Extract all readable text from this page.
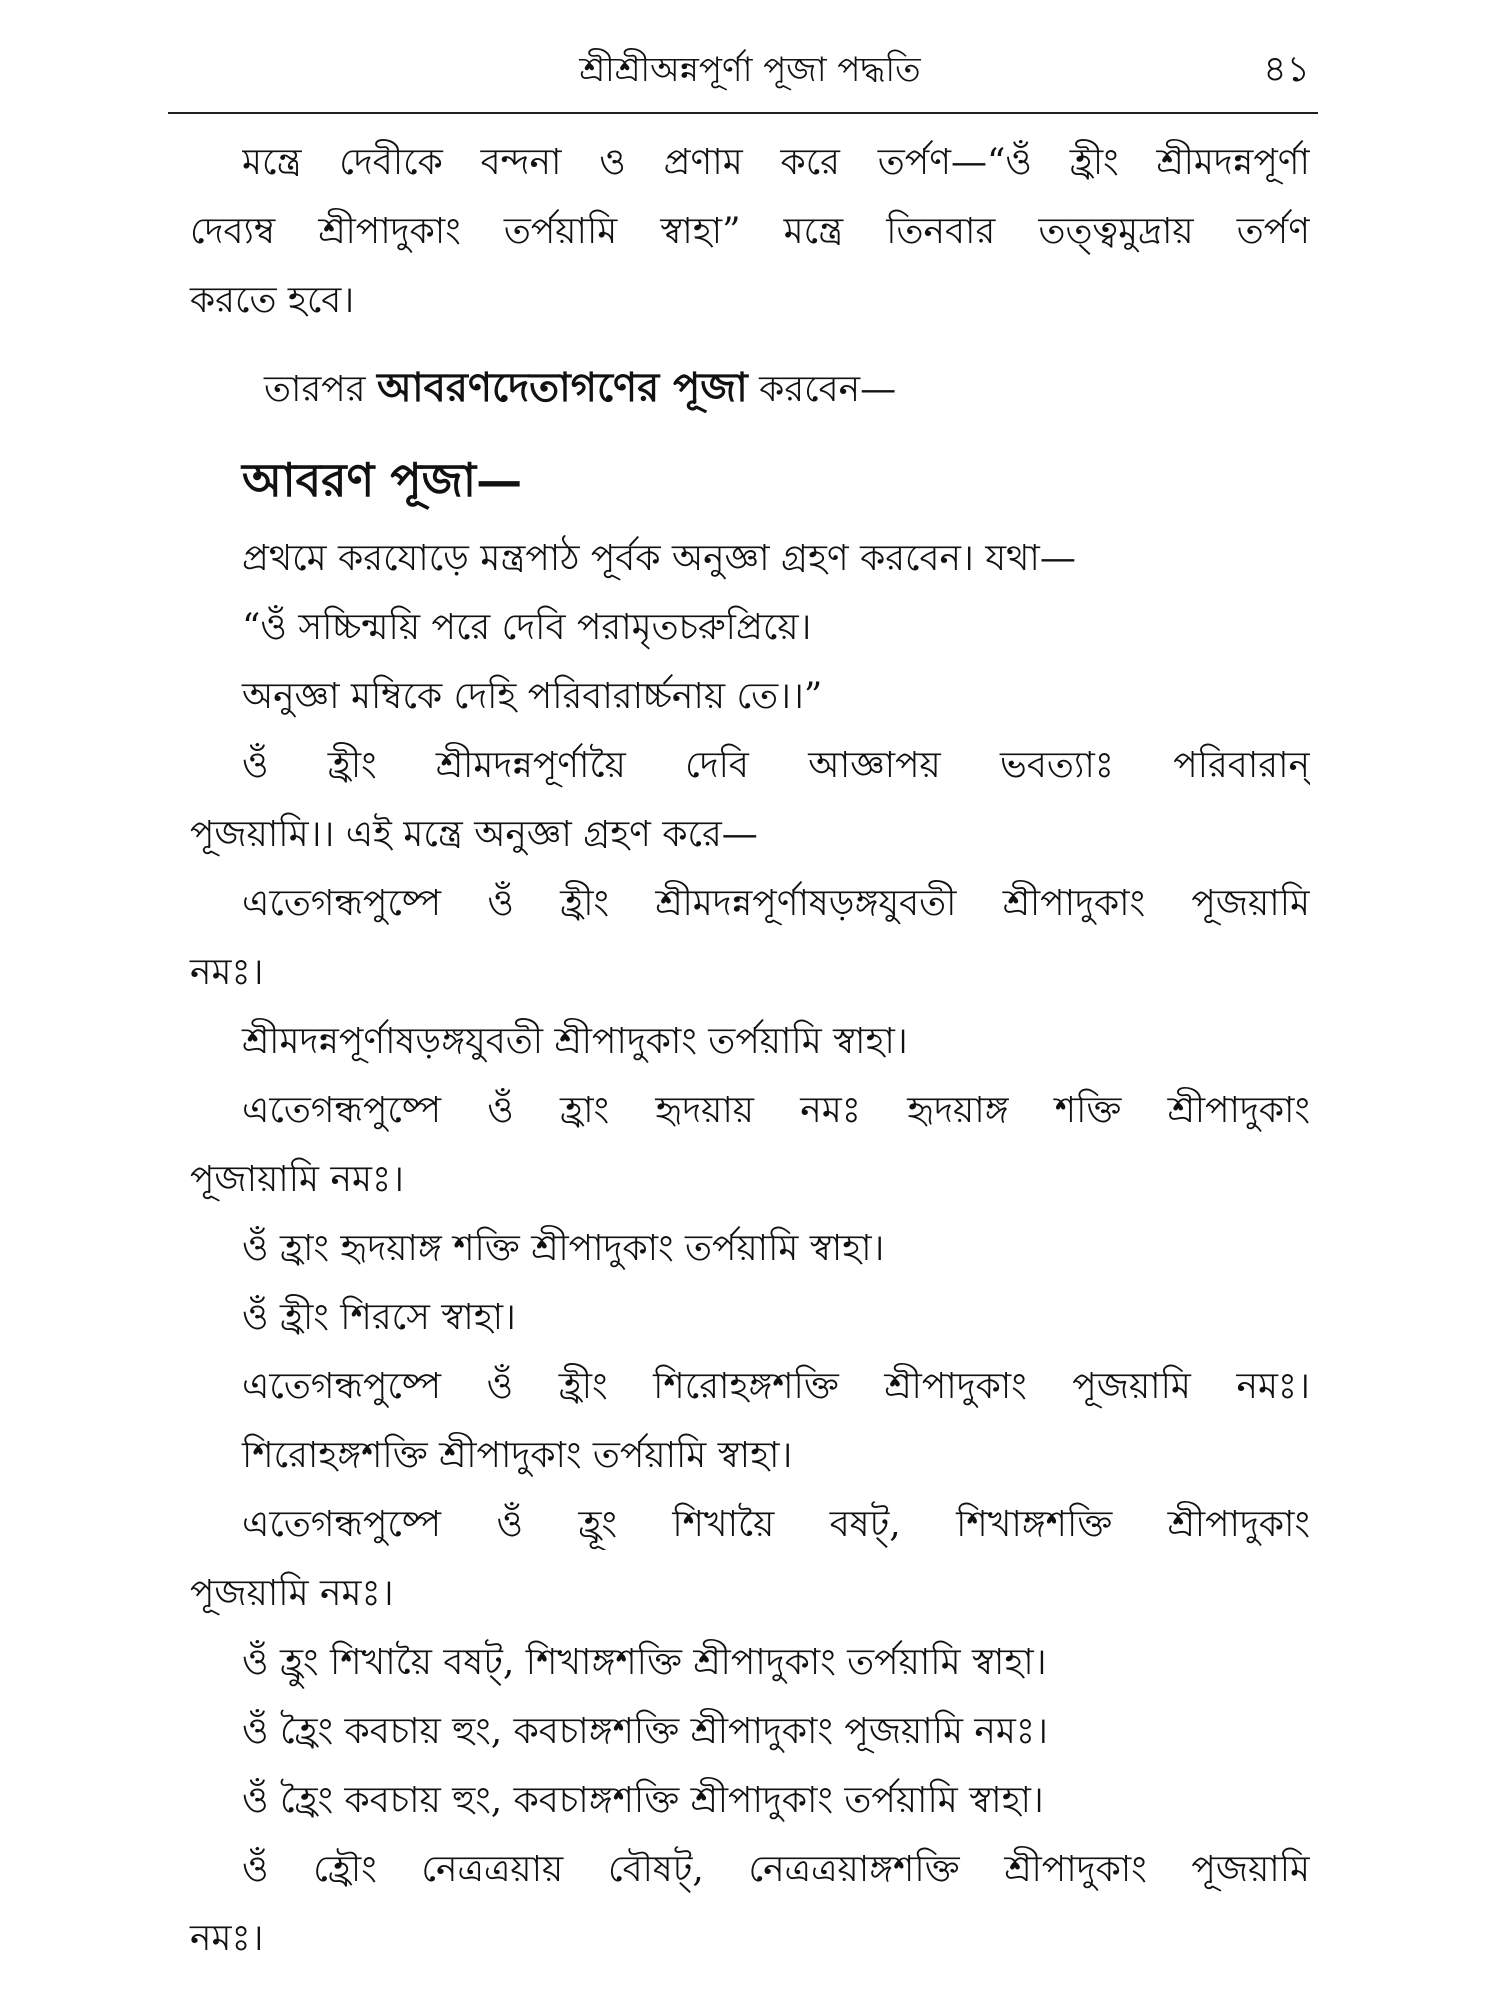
শ্রীশ্রীঅন্নপূর্ণা পূজা পদ্ধতি	৪১
মন্ত্রে দেবীকে বন্দনা ও প্রণাম করে তর্পণ—“ওঁ হ্রীং শ্রীমদন্নপূর্ণা
দেব্যম্ব শ্রীপাদুকাং তর্পয়ামি স্বাহা” মন্ত্রে তিনবার তত্ত্বমুদ্রায় তর্পণ
করতে হবে।
তারপর আবরণদেতাগণের পূজা করবেন—
আবরণ পূজা—
প্রথমে করযোড়ে মন্ত্রপাঠ পূর্বক অনুজ্ঞা গ্রহণ করবেন। যথা—
“ওঁ সচ্চিন্ময়ি পরে দেবি পরামৃতচরুপ্রিয়ে।
অনুজ্ঞা মম্বিকে দেহি পরিবারার্চ্চনায় তে।।”
ওঁ হ্রীং শ্রীমদন্নপূর্ণায়ৈ দেবি আজ্ঞাপয় ভবত্যাঃ পরিবারান্
পূজয়ামি।। এই মন্ত্রে অনুজ্ঞা গ্রহণ করে—
এতেগন্ধপুষ্পে ওঁ হ্রীং শ্রীমদন্নপূর্ণাষড়ঙ্গযুবতী শ্রীপাদুকাং পূজয়ামি
নমঃ।
শ্রীমদন্নপূর্ণাষড়ঙ্গযুবতী শ্রীপাদুকাং তর্পয়ামি স্বাহা।
এতেগন্ধপুষ্পে ওঁ হ্রাং হৃদয়ায় নমঃ হৃদয়াঙ্গ শক্তি শ্রীপাদুকাং
পূজায়ামি নমঃ।
ওঁ হ্রাং হৃদয়াঙ্গ শক্তি শ্রীপাদুকাং তর্পয়ামি স্বাহা।
ওঁ হ্রীং শিরসে স্বাহা।
এতেগন্ধপুষ্পে ওঁ হ্রীং শিরোহঙ্গশক্তি শ্রীপাদুকাং পূজয়ামি নমঃ।
শিরোহঙ্গশক্তি শ্রীপাদুকাং তর্পয়ামি স্বাহা।
এতেগন্ধপুষ্পে ওঁ হ্রূং শিখায়ৈ বষট্, শিখাঙ্গশক্তি শ্রীপাদুকাং
পূজয়ামি নমঃ।
ওঁ হ্রুং শিখায়ৈ বষট্, শিখাঙ্গশক্তি শ্রীপাদুকাং তর্পয়ামি স্বাহা।
ওঁ হ্রৈং কবচায় হুং, কবচাঙ্গশক্তি শ্রীপাদুকাং পূজয়ামি নমঃ।
ওঁ হ্রৈং কবচায় হুং, কবচাঙ্গশক্তি শ্রীপাদুকাং তর্পয়ামি স্বাহা।
ওঁ হ্রৌং নেত্রত্রয়ায় বৌষট্, নেত্রত্রয়াঙ্গশক্তি শ্রীপাদুকাং পূজয়ামি
নমঃ।
